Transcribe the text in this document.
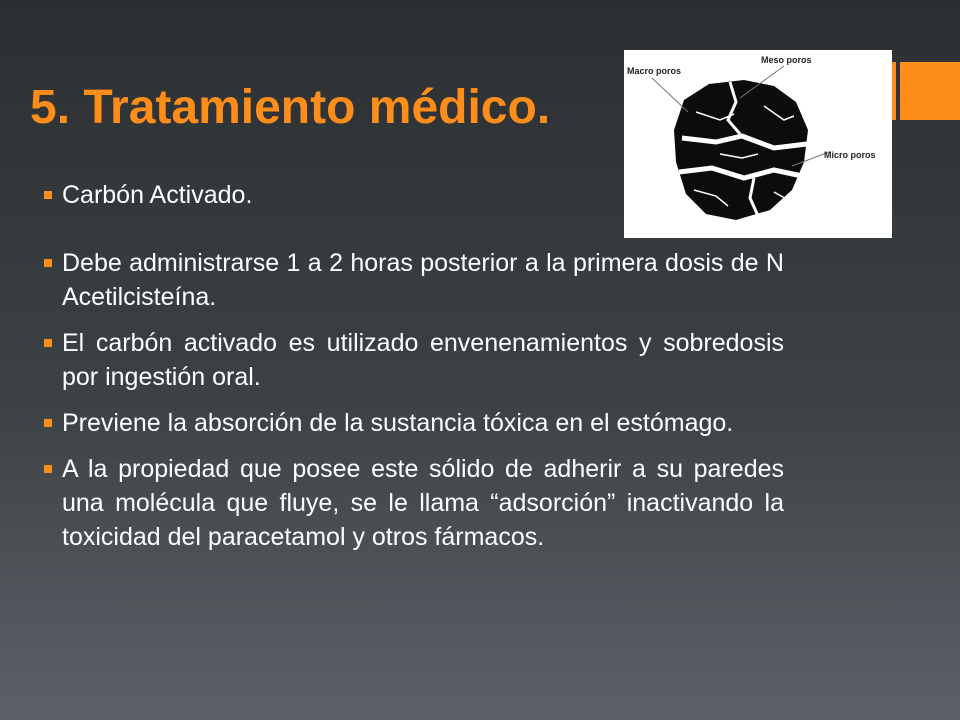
5. Tratamiento médico.
Macro poros
Meso poros
Micro poros
Carbón Activado.
Debe administrarse 1 a 2 horas posterior a la primera dosis de N Acetilcisteína.
El carbón activado es utilizado envenenamientos y sobredosis por ingestión oral.
Previene la absorción de la sustancia tóxica en el estómago.
A la propiedad que posee este sólido de adherir a su paredes una molécula que fluye, se le llama “adsorción” inactivando la toxicidad del paracetamol y otros fármacos.
